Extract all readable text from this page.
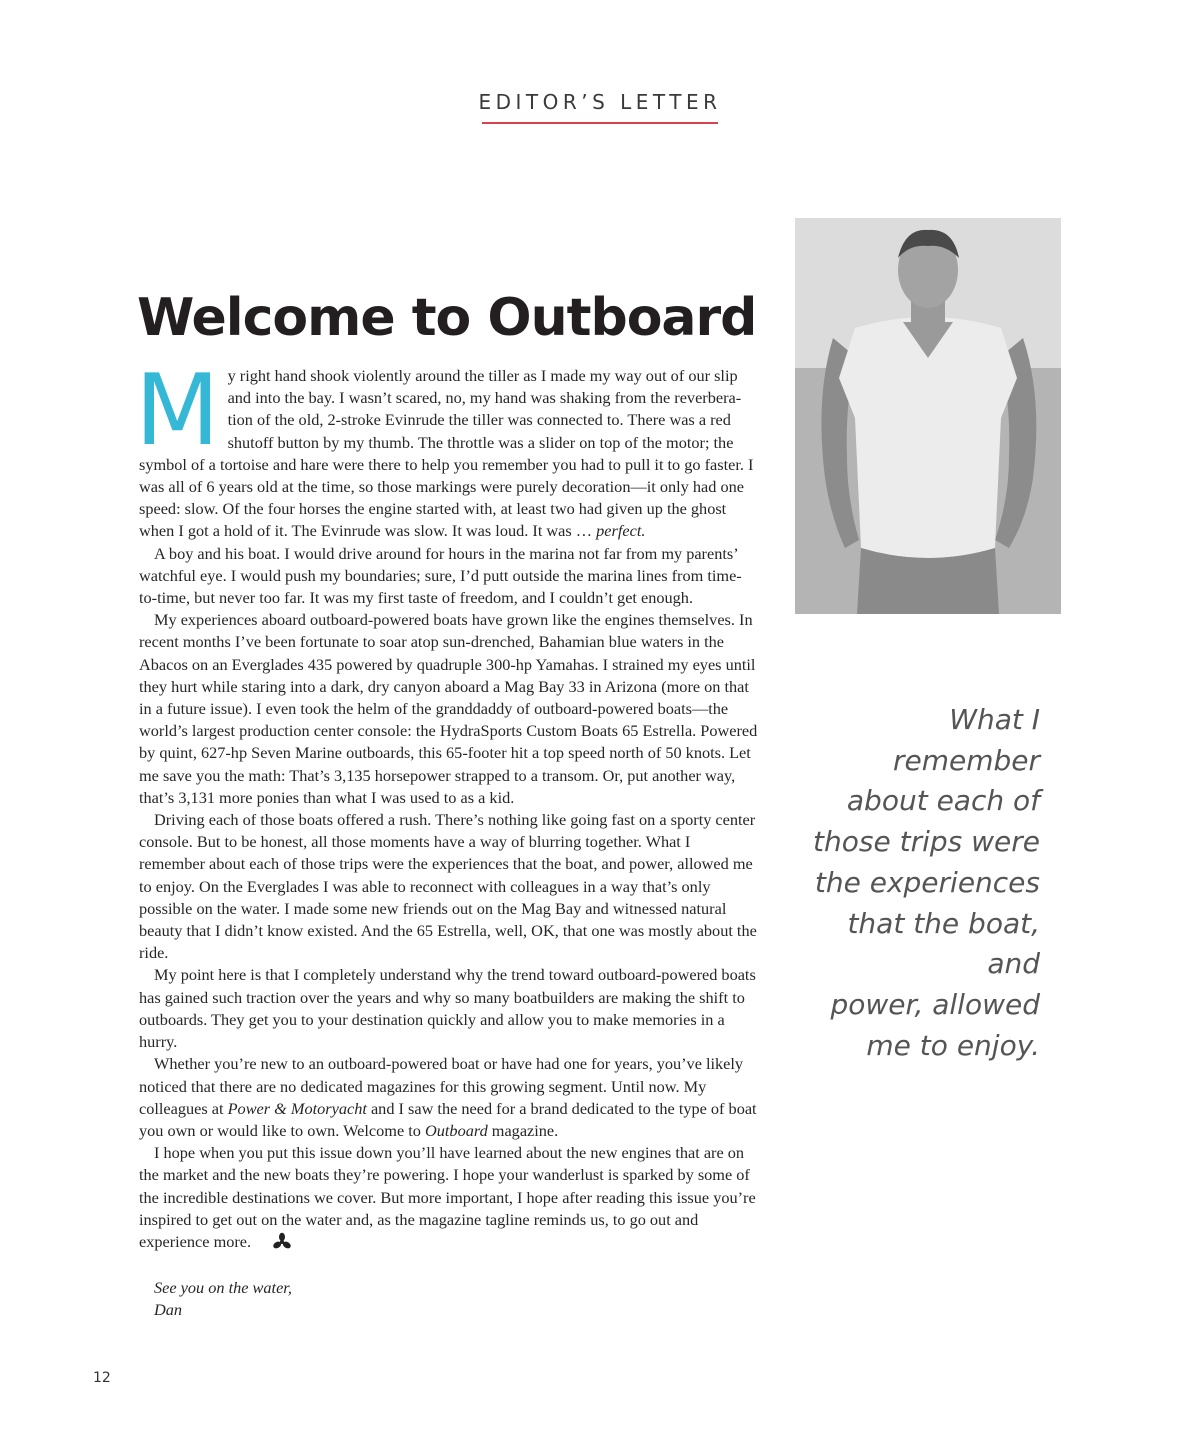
EDITOR’S LETTER
Welcome to Outboard

My right hand shook violently around the tiller as I made my way out of our slip and into the bay. I wasn’t scared, no, my hand was shaking from the reverbera-tion of the old, 2-stroke Evinrude the tiller was connected to. There was a red shutoff button by my thumb. The throttle was a slider on top of the motor; the symbol of a tortoise and hare were there to help you remember you had to pull it to go faster. I was all of 6 years old at the time, so those markings were purely decoration—it only had one speed: slow. Of the four horses the engine started with, at least two had given up the ghost when I got a hold of it. The Evinrude was slow. It was loud. It was … perfect.

A boy and his boat. I would drive around for hours in the marina not far from my parents’ watchful eye. I would push my boundaries; sure, I’d putt outside the marina lines from time-to-time, but never too far. It was my first taste of freedom, and I couldn’t get enough.

My experiences aboard outboard-powered boats have grown like the engines themselves. In recent months I’ve been fortunate to soar atop sun-drenched, Bahamian blue waters in the Abacos on an Everglades 435 powered by quadruple 300-hp Yamahas. I strained my eyes until they hurt while staring into a dark, dry canyon aboard a Mag Bay 33 in Arizona (more on that in a future issue). I even took the helm of the granddaddy of outboard-powered boats—the world’s largest production center console: the HydraSports Custom Boats 65 Estrella. Powered by quint, 627-hp Seven Marine outboards, this 65-footer hit a top speed north of 50 knots. Let me save you the math: That’s 3,135 horsepower strapped to a transom. Or, put another way, that’s 3,131 more ponies than what I was used to as a kid.

Driving each of those boats offered a rush. There’s nothing like going fast on a sporty center console. But to be honest, all those moments have a way of blurring together. What I remember about each of those trips were the experiences that the boat, and power, allowed me to enjoy. On the Everglades I was able to reconnect with colleagues in a way that’s only possible on the water. I made some new friends out on the Mag Bay and witnessed natural beauty that I didn’t know existed. And the 65 Estrella, well, OK, that one was mostly about the ride.

My point here is that I completely understand why the trend toward outboard-powered boats has gained such traction over the years and why so many boatbuilders are making the shift to outboards. They get you to your destination quickly and allow you to make memories in a hurry.

Whether you’re new to an outboard-powered boat or have had one for years, you’ve likely noticed that there are no dedicated magazines for this growing segment. Until now. My colleagues at Power & Motoryacht and I saw the need for a brand dedicated to the type of boat you own or would like to own. Welcome to Outboard magazine.

I hope when you put this issue down you’ll have learned about the new engines that are on the market and the new boats they’re powering. I hope your wanderlust is sparked by some of the incredible destinations we cover. But more important, I hope after reading this issue you’re inspired to get out on the water and, as the magazine tagline reminds us, to go out and experience more.

See you on the water,
Dan
What I remember
about each of
those trips were
the experiences
that the boat, and
power, allowed
me to enjoy.
12
